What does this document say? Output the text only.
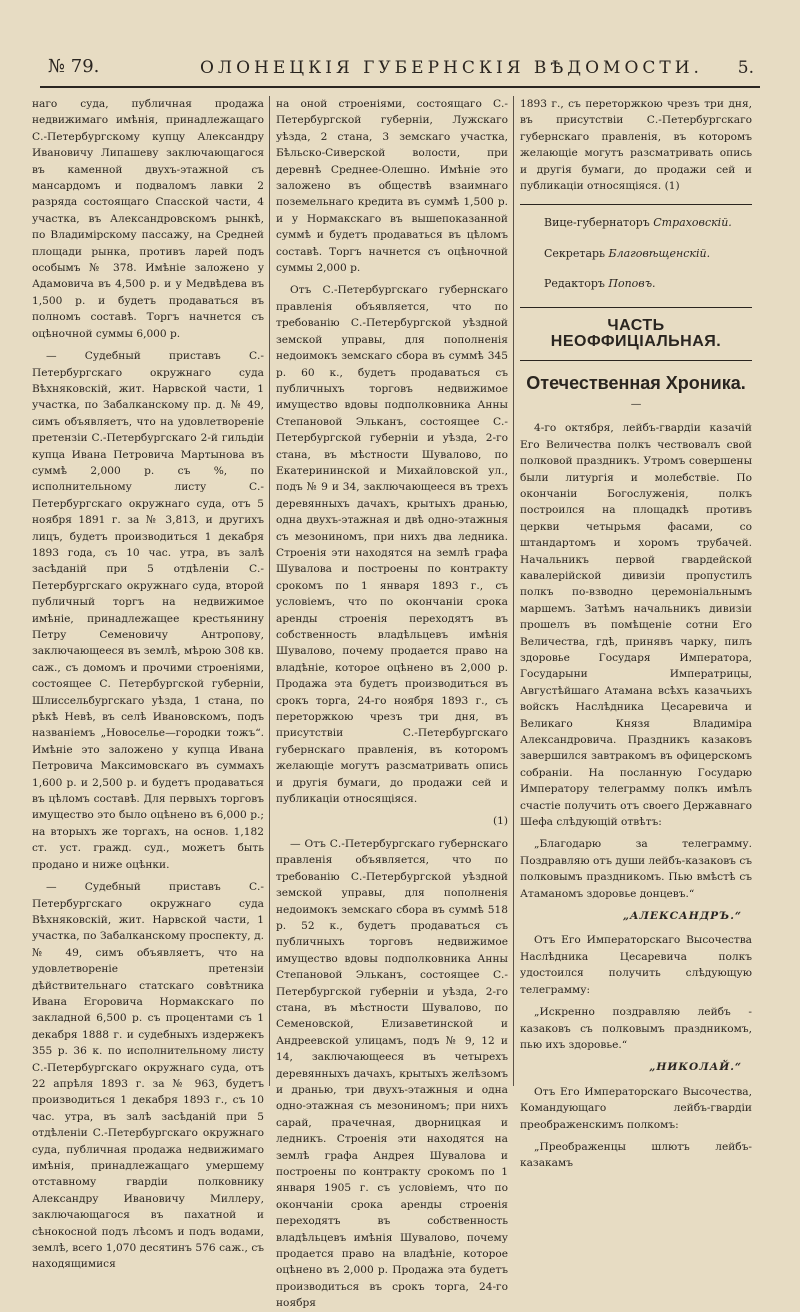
№ 79.	ОЛОНЕЦКІЯ ГУБЕРНСКІЯ ВѢДОМОСТИ. 5.

наго суда, публичная продажа недвижимаго имѣнія, принадлежащаго С.-Петербургскому купцу Александру Ивановичу Липашеву заключающагося въ каменной двухъ-этажной съ мансардомъ и подваломъ лавки 2 разряда состоящаго Спасской части, 4 участка, въ Александровскомъ рынкѣ, по Владимірскому пассажу, на Средней площади рынка, противъ ларей подъ особымъ № 378. Имѣніе заложено у Адамовича въ 4,500 р. и у Медвѣдева въ 1,500 р. и будетъ продаваться въ полномъ составѣ. Торгъ начнется съ оцѣночной суммы 6,000 р.

— Судебный приставъ С.-Петербургскаго окружнаго суда Вѣхняковскій, жит. Нарвской части, 1 участка, по Забалканскому пр. д. № 49, симъ объявляетъ, что на удовлетвореніе претензіи С.-Петербургскаго 2-й гильдіи купца Ивана Петровича Мартынова въ суммѣ 2,000 р. съ %, по исполнительному листу С.-Петербургскаго окружнаго суда, отъ 5 ноября 1891 г. за № 3,813, и другихъ лицъ, будетъ производиться 1 декабря 1893 года, съ 10 час. утра, въ залѣ засѣданій при 5 отдѣленіи С.-Петербургскаго окружнаго суда, второй публичный торгъ на недвижимое имѣніе, принадлежащее крестьянину Петру Семеновичу Антропову, заключающееся въ землѣ, мѣрою 308 кв. саж., съ домомъ и прочими строеніями, состоящее С. Петербургской губерніи, Шлиссельбургскаго уѣзда, 1 стана, по рѣкѣ Невѣ, въ селѣ Ивановскомъ, подъ названіемъ „Новоселье—городки тожъ“. Имѣніе это заложено у купца Ивана Петровича Максимовскаго въ суммахъ 1,600 р. и 2,500 р. и будетъ продаваться въ цѣломъ составѣ. Для первыхъ торговъ имущество это было оцѣнено въ 6,000 р.; на вторыхъ же торгахъ, на основ. 1,182 ст. уст. гражд. суд., можетъ быть продано и ниже оцѣнки.

— Судебный приставъ С.-Петербургскаго окружнаго суда Вѣхняковскій, жит. Нарвской части, 1 участка, по Забалканскому проспекту, д. № 49, симъ объявляетъ, что на удовлетвореніе претензіи дѣйствительнаго статскаго совѣтника Ивана Егоровича Нормакскаго по закладной 6,500 р. съ процентами съ 1 декабря 1888 г. и судебныхъ издержекъ 355 р. 36 к. по исполнительному листу С.-Петербургскаго окружнаго суда, отъ 22 апрѣля 1893 г. за № 963, будетъ производиться 1 декабря 1893 г., съ 10 час. утра, въ залѣ засѣданій при 5 отдѣленіи С.-Петербургскаго окружнаго суда, публичная продажа недвижимаго имѣнія, принадлежащаго умершему отставному гвардіи полковнику Александру Ивановичу Миллеру, заключающагося въ пахатной и сѣнокосной подъ лѣсомъ и подъ водами, землѣ, всего 1,070 десятинъ 576 саж., съ находящимися

на оной строеніями, состоящаго С.-Петербургской губерніи, Лужскаго уѣзда, 2 стана, 3 земскаго участка, Бѣльско-Сиверской волости, при деревнѣ Среднее-Олешно. Имѣніе это заложено въ обществѣ взаимнаго поземельнаго кредита въ суммѣ 1,500 р. и у Нормакскаго въ вышепоказанной суммѣ и будетъ продаваться въ цѣломъ составѣ. Торгъ начнется съ оцѣночной суммы 2,000 р.

Отъ С.-Петербургскаго губернскаго правленія объявляется, что по требованію С.-Петербургской уѣздной земской управы, для пополненія недоимокъ земскаго сбора въ суммѣ 345 р. 60 к., будетъ продаваться съ публичныхъ торговъ недвижимое имущество вдовы подполковника Анны Степановой Эльканъ, состоящее С.-Петербургской губерніи и уѣзда, 2-го стана, въ мѣстности Шувалово, по Екатерининской и Михайловской ул., подъ № 9 и 34, заключающееся въ трехъ деревянныхъ дачахъ, крытыхъ дранью, одна двухъ-этажная и двѣ одно-этажныя съ мезониномъ, при нихъ два ледника. Строенія эти находятся на землѣ графа Шувалова и построены по контракту срокомъ по 1 января 1893 г., съ условіемъ, что по окончаніи срока аренды строенія переходятъ въ собственность владѣльцевъ имѣнія Шувалово, почему продается право на владѣніе, которое оцѣнено въ 2,000 р. Продажа эта будетъ производиться въ срокъ торга, 24-го ноября 1893 г., съ переторжкою чрезъ три дня, въ присутствіи С.-Петербургскаго губернскаго правленія, въ которомъ желающіе могутъ разсматривать опись и другія бумаги, до продажи сей и публикаціи относящіяся.

(1)

— Отъ С.-Петербургскаго губернскаго правленія объявляется, что по требованію С.-Петербургской уѣздной земской управы, для пополненія недоимокъ земскаго сбора въ суммѣ 518 р. 52 к., будетъ продаваться съ публичныхъ торговъ недвижимое имущество вдовы подполковника Анны Степановой Эльканъ, состоящее С.-Петербургской губерніи и уѣзда, 2-го стана, въ мѣстности Шувалово, по Семеновской, Елизаветинской и Андреевской улицамъ, подъ № 9, 12 и 14, заключающееся въ четырехъ деревянныхъ дачахъ, крытыхъ желѣзомъ и дранью, три двухъ-этажныя и одна одно-этажная съ мезониномъ; при нихъ сарай, прачечная, дворницкая и ледникъ. Строенія эти находятся на землѣ графа Андрея Шувалова и построены по контракту срокомъ по 1 января 1905 г. съ условіемъ, что по окончаніи срока аренды строенія переходятъ въ собственность владѣльцевъ имѣнія Шувалово, почему продается право на владѣніе, которое оцѣнено въ 2,000 р. Продажа эта будетъ производиться въ срокъ торга, 24-го ноября

1893 г., съ переторжкою чрезъ три дня, въ присутствіи С.-Петербургскаго губернскаго правленія, въ которомъ желающіе могутъ разсматривать опись и другія бумаги, до продажи сей и публикаціи относящіяся. (1)

Вице-губернаторъ Страховскій.
Секретарь Благовѣщенскій.
Редакторъ Поповъ.
ЧАСТЬ НЕОФФИЦІАЛЬНАЯ.
Отечественная Хроника.
—

4-го октября, лейбъ-гвардіи казачій Его Величества полкъ чествовалъ свой полковой праздникъ. Утромъ совершены были литургія и молебствіе. По окончаніи Богослуженія, полкъ построился на площадкѣ противъ церкви четырьмя фасами, со штандартомъ и хоромъ трубачей. Начальникъ первой гвардейской кавалерійской дивизіи пропустилъ полкъ по-взводно церемоніальнымъ маршемъ. Затѣмъ начальникъ дивизіи прошелъ въ помѣщеніе сотни Его Величества, гдѣ, принявъ чарку, пилъ здоровье Государя Императора, Государыни Императрицы, Августѣйшаго Атамана всѣхъ казачьихъ войскъ Наслѣдника Цесаревича и Великаго Князя Владиміра Александровича. Праздникъ казаковъ завершился завтракомъ въ офицерскомъ собраніи. На посланную Государю Императору телеграмму полкъ имѣлъ счастіе получить отъ своего Державнаго Шефа слѣдующій отвѣтъ:

„Благодарю за телеграмму. Поздравляю отъ души лейбъ-казаковъ съ полковымъ праздникомъ. Пью вмѣстѣ съ Атаманомъ здоровье донцевъ.“

„АЛЕКСАНДРЪ.“

Отъ Его Императорскаго Высочества Наслѣдника Цесаревича полкъ удостоился получить слѣдующую телеграмму:

„Искренно поздравляю лейбъ - казаковъ съ полковымъ праздникомъ, пью ихъ здоровье.“

„НИКОЛАЙ.“

Отъ Его Императорскаго Высочества, Командующаго лейбъ-гвардіи преображенскимъ полкомъ:

„Преображенцы шлютъ лейбъ-казакамъ
